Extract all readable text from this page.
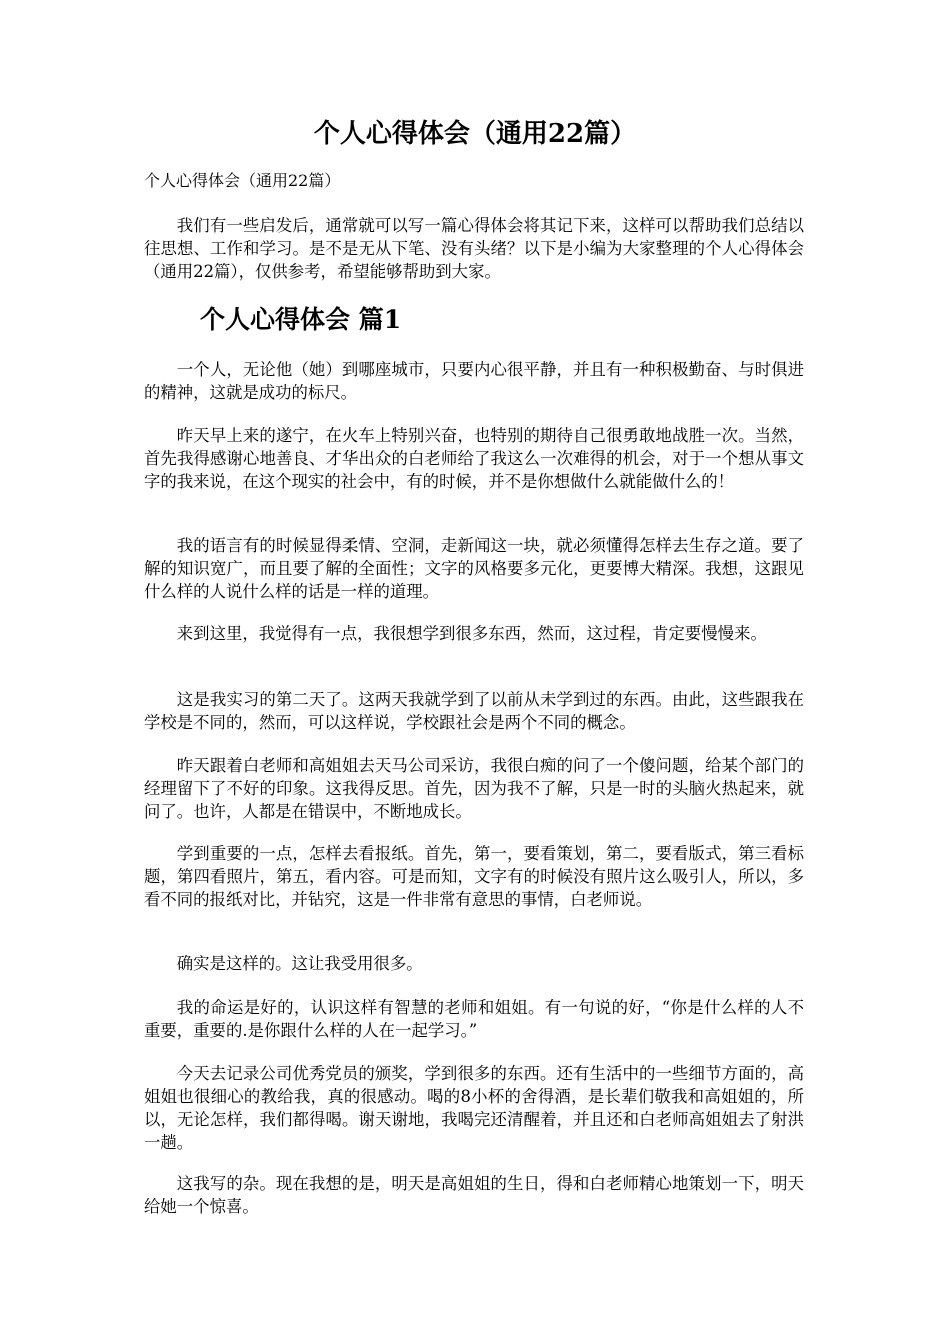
个人心得体会（通用22篇）

个人心得体会（通用22篇）

我们有一些启发后，通常就可以写一篇心得体会将其记下来，这样可以帮助我们总结以往思想、工作和学习。是不是无从下笔、没有头绪？以下是小编为大家整理的个人心得体会（通用22篇），仅供参考，希望能够帮助到大家。

个人心得体会 篇1

一个人，无论他（她）到哪座城市，只要内心很平静，并且有一种积极勤奋、与时俱进的精神，这就是成功的标尺。

昨天早上来的遂宁，在火车上特别兴奋，也特别的期待自己很勇敢地战胜一次。当然，首先我得感谢心地善良、才华出众的白老师给了我这么一次难得的机会，对于一个想从事文字的我来说，在这个现实的社会中，有的时候，并不是你想做什么就能做什么的！

我的语言有的时候显得柔情、空洞，走新闻这一块，就必须懂得怎样去生存之道。要了解的知识宽广，而且要了解的全面性；文字的风格要多元化，更要博大精深。我想，这跟见什么样的人说什么样的话是一样的道理。

来到这里，我觉得有一点，我很想学到很多东西，然而，这过程，肯定要慢慢来。

这是我实习的第二天了。这两天我就学到了以前从未学到过的东西。由此，这些跟我在学校是不同的，然而，可以这样说，学校跟社会是两个不同的概念。

昨天跟着白老师和高姐姐去天马公司采访，我很白痴的问了一个傻问题，给某个部门的经理留下了不好的印象。这我得反思。首先，因为我不了解，只是一时的头脑火热起来，就问了。也许，人都是在错误中，不断地成长。

学到重要的一点，怎样去看报纸。首先，第一，要看策划，第二，要看版式，第三看标题，第四看照片，第五，看内容。可是而知，文字有的时候没有照片这么吸引人，所以，多看不同的报纸对比，并钻究，这是一件非常有意思的事情，白老师说。

确实是这样的。这让我受用很多。

我的命运是好的，认识这样有智慧的老师和姐姐。有一句说的好，“你是什么样的人不重要，重要的.是你跟什么样的人在一起学习。”

今天去记录公司优秀党员的颁奖，学到很多的东西。还有生活中的一些细节方面的，高姐姐也很细心的教给我，真的很感动。喝的8小杯的舍得酒，是长辈们敬我和高姐姐的，所以，无论怎样，我们都得喝。谢天谢地，我喝完还清醒着，并且还和白老师高姐姐去了射洪一趟。

这我写的杂。现在我想的是，明天是高姐姐的生日，得和白老师精心地策划一下，明天给她一个惊喜。
